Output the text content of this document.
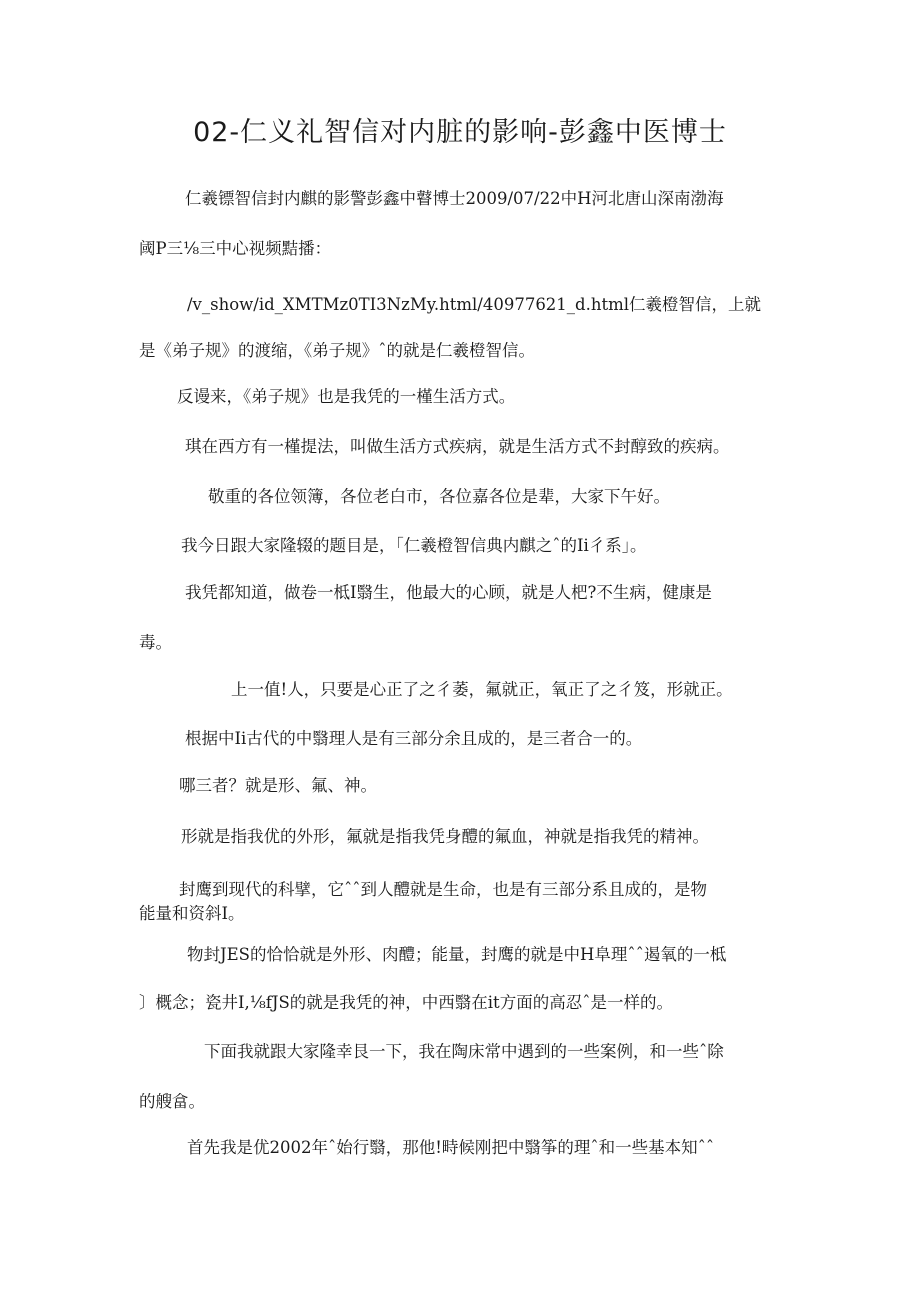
02-仁义礼智信对内脏的影响-彭鑫中医博士
仁羲镖智信封内麒的影警彭鑫中瞽博士2009/07/22中H河北唐山深南渤海
阈P三⅛三中心视频黠播：
/v_show/id_XMTMz0TI3NzMy.html/40977621_d.html仁羲橙智信，上就
是《弟子规》的渡缩，《弟子规》ˆ的就是仁羲橙智信。
反谩来，《弟子规》也是我凭的一槿生活方式。
琪在西方有一槿提法，叫做生活方式疾病，就是生活方式不封醇致的疾病。
敬重的各位领簿，各位老白市，各位嘉各位是辈，大家下午好。
我今日跟大家隆辍的题目是，「仁羲橙智信典内麒之ˆ的Ii彳系」。
我凭都知道，做卷一柢I翳生，他最大的心顾，就是人杷?不生病，健康是
毒。
上一值!人，只要是心正了之彳萎，氟就正，氧正了之彳笈，形就正。
根据中Ii古代的中翳理人是有三部分余且成的，是三者合一的。
哪三者？就是形、氟、神。
形就是指我优的外形，氟就是指我凭身醴的氟血，神就是指我凭的精神。
封鹰到现代的科擘，它ˆˆ到人醴就是生命，也是有三部分系且成的，是物
能量和资斜I。
物封JES的恰恰就是外形、肉醴；能量，封鹰的就是中H阜理ˆˆ遏氧的一柢
〕概念；瓷井I,⅛fJS的就是我凭的神，中西翳在it方面的高忍ˆ是一样的。
下面我就跟大家隆幸艮一下，我在陶床常中遇到的一些案例，和一些ˆ除
的艘畣。
首先我是优2002年ˆ始行翳，那他!畤候刚把中翳筝的理ˆ和一些基本知ˆˆ
